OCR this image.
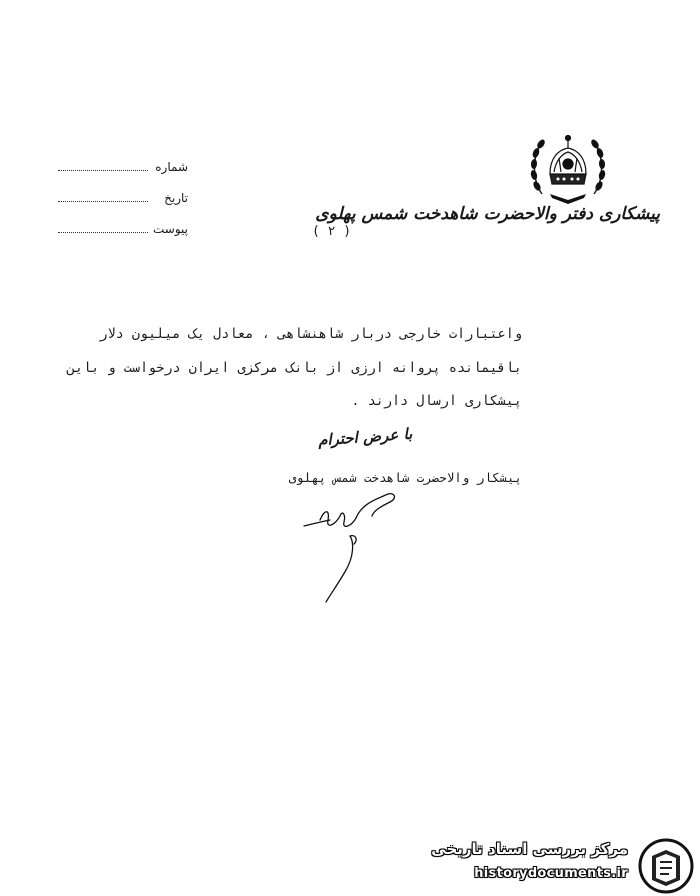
پیشکاری دفتر والاحضرت شاهدخت شمس پهلوی
شماره
تاریخ
پیوست	( ۲ )
واعتبارات خارجی دربار شاهنشاهی ، معادل یک میلیون دلار
باقیمانده پروانه ارزی از بانک مرکزی ایران درخواست و باین
پیشکاری ارسال دارند .
با عرض احترام
پیشکار والاحضرت شاهدخت شمس پهلوی
مرکز بررسی اسناد تاریخی
historydocuments.ir
